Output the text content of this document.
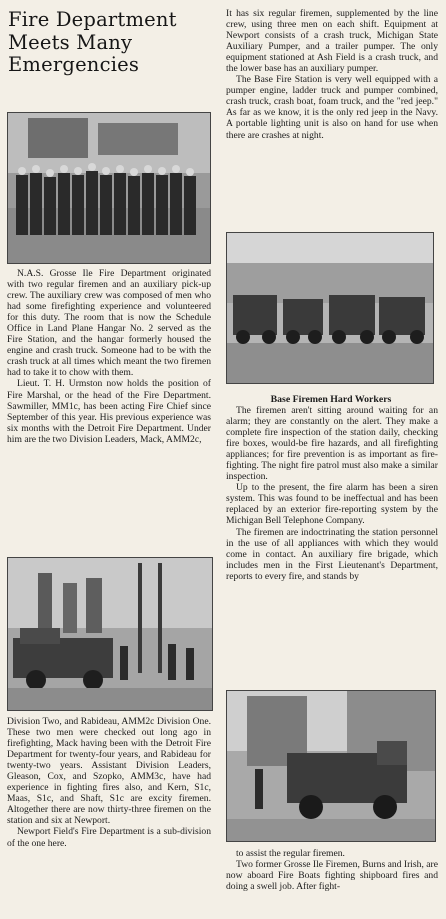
Fire Department
Meets Many
Emergencies

N.A.S. Grosse Ile Fire Department originated with two regular firemen and an auxiliary pick-up crew. The auxiliary crew was composed of men who had some firefighting experience and volunteered for this duty. The room that is now the Schedule Office in Land Plane Hangar No. 2 served as the Fire Station, and the hangar formerly housed the engine and crash truck. Someone had to be with the crash truck at all times which meant the two firemen had to take it to chow with them.

Lieut. T. H. Urmston now holds the position of Fire Marshal, or the head of the Fire Department. Sawmiller, MM1c, has been acting Fire Chief since September of this year. His previous experience was six months with the Detroit Fire Department. Under him are the two Division Leaders, Mack, AMM2c,

Division Two, and Rabideau, AMM2c Division One. These two men were checked out long ago in firefighting, Mack having been with the Detroit Fire Department for twenty-four years, and Rabideau for twenty-two years. Assistant Division Leaders, Gleason, Cox, and Szopko, AMM3c, have had experience in fighting fires also, and Kern, S1c, Maas, S1c, and Shaft, S1c are excity firemen. Altogether there are now thirty-three firemen on the station and six at Newport.

Newport Field's Fire Department is a sub-division of the one here.

It has six regular firemen, supplemented by the line crew, using three men on each shift. Equipment at Newport consists of a crash truck, Michigan State Auxiliary Pumper, and a trailer pumper. The only equipment stationed at Ash Field is a crash truck, and the lower base has an auxiliary pumper.

The Base Fire Station is very well equipped with a pumper engine, ladder truck and pumper combined, crash truck, crash boat, foam truck, and the "red jeep." As far as we know, it is the only red jeep in the Navy. A portable lighting unit is also on hand for use when there are crashes at night.

Base Firemen Hard Workers

The firemen aren't sitting around waiting for an alarm; they are constantly on the alert. They make a complete fire inspection of the station daily, checking fire boxes, would-be fire hazards, and all firefighting appliances; for fire prevention is as important as fire-fighting. The night fire patrol must also make a similar inspection.

Up to the present, the fire alarm has been a siren system. This was found to be ineffectual and has been replaced by an exterior fire-reporting system by the Michigan Bell Telephone Company.

The firemen are indoctrinating the station personnel in the use of all appliances with which they would come in contact. An auxiliary fire brigade, which includes men in the First Lieutenant's Department, reports to every fire, and stands by

to assist the regular firemen.

Two former Grosse Ile Firemen, Burns and Irish, are now aboard Fire Boats fighting shipboard fires and doing a swell job. After fight-
